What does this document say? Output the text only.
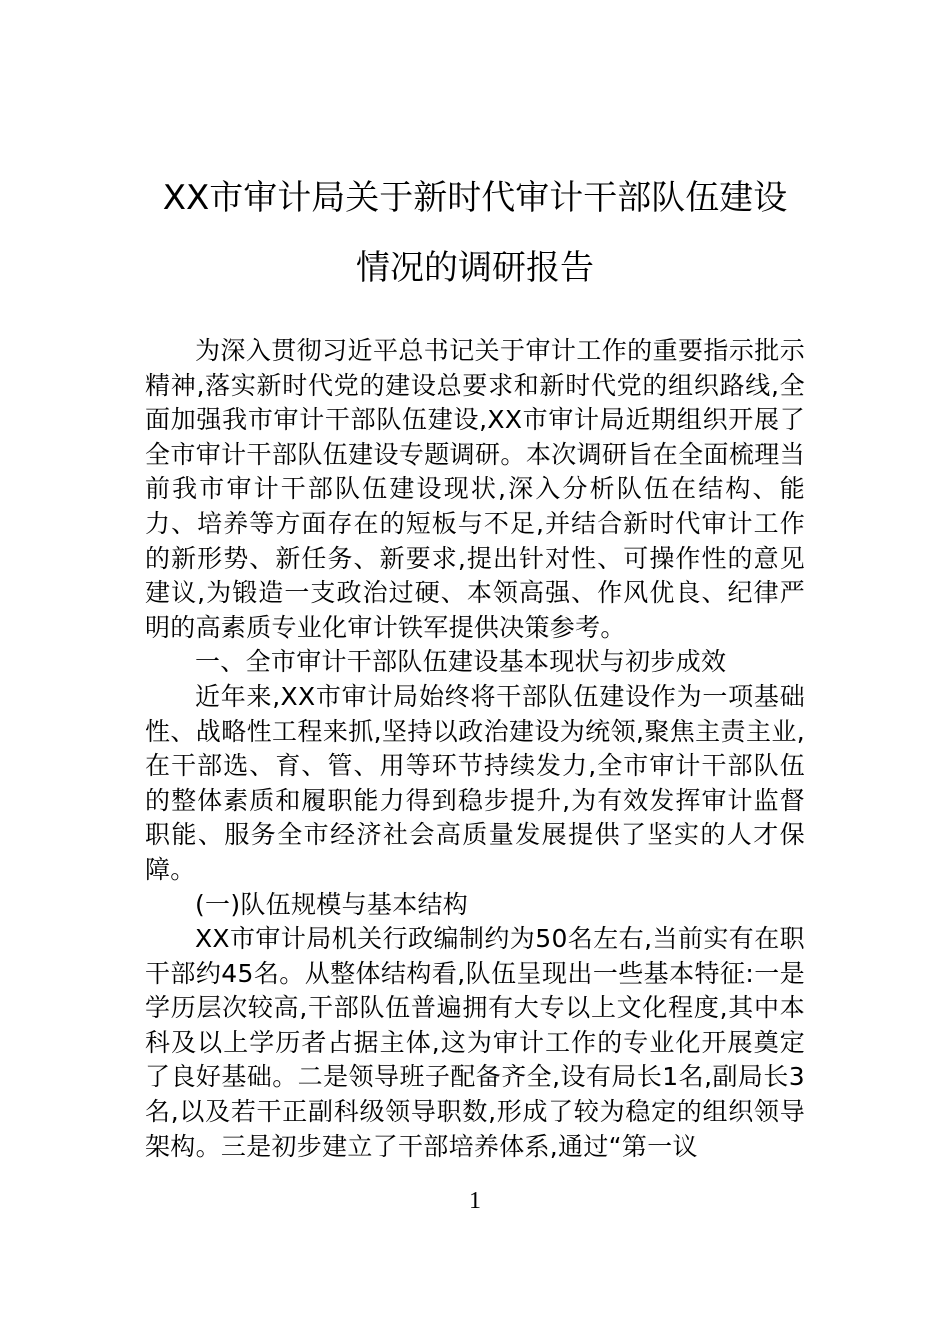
XX市审计局关于新时代审计干部队伍建设
情况的调研报告

为深入贯彻习近平总书记关于审计工作的重要指示批示精神,落实新时代党的建设总要求和新时代党的组织路线,全面加强我市审计干部队伍建设,XX市审计局近期组织开展了全市审计干部队伍建设专题调研。本次调研旨在全面梳理当前我市审计干部队伍建设现状,深入分析队伍在结构、能力、培养等方面存在的短板与不足,并结合新时代审计工作的新形势、新任务、新要求,提出针对性、可操作性的意见建议,为锻造一支政治过硬、本领高强、作风优良、纪律严明的高素质专业化审计铁军提供决策参考。

一、全市审计干部队伍建设基本现状与初步成效

近年来,XX市审计局始终将干部队伍建设作为一项基础性、战略性工程来抓,坚持以政治建设为统领,聚焦主责主业,在干部选、育、管、用等环节持续发力,全市审计干部队伍的整体素质和履职能力得到稳步提升,为有效发挥审计监督职能、服务全市经济社会高质量发展提供了坚实的人才保障。

(一)队伍规模与基本结构

XX市审计局机关行政编制约为50名左右,当前实有在职干部约45名。从整体结构看,队伍呈现出一些基本特征:一是学历层次较高,干部队伍普遍拥有大专以上文化程度,其中本科及以上学历者占据主体,这为审计工作的专业化开展奠定了良好基础。二是领导班子配备齐全,设有局长1名,副局长3名,以及若干正副科级领导职数,形成了较为稳定的组织领导架构。三是初步建立了干部培养体系,通过“第一议

1
